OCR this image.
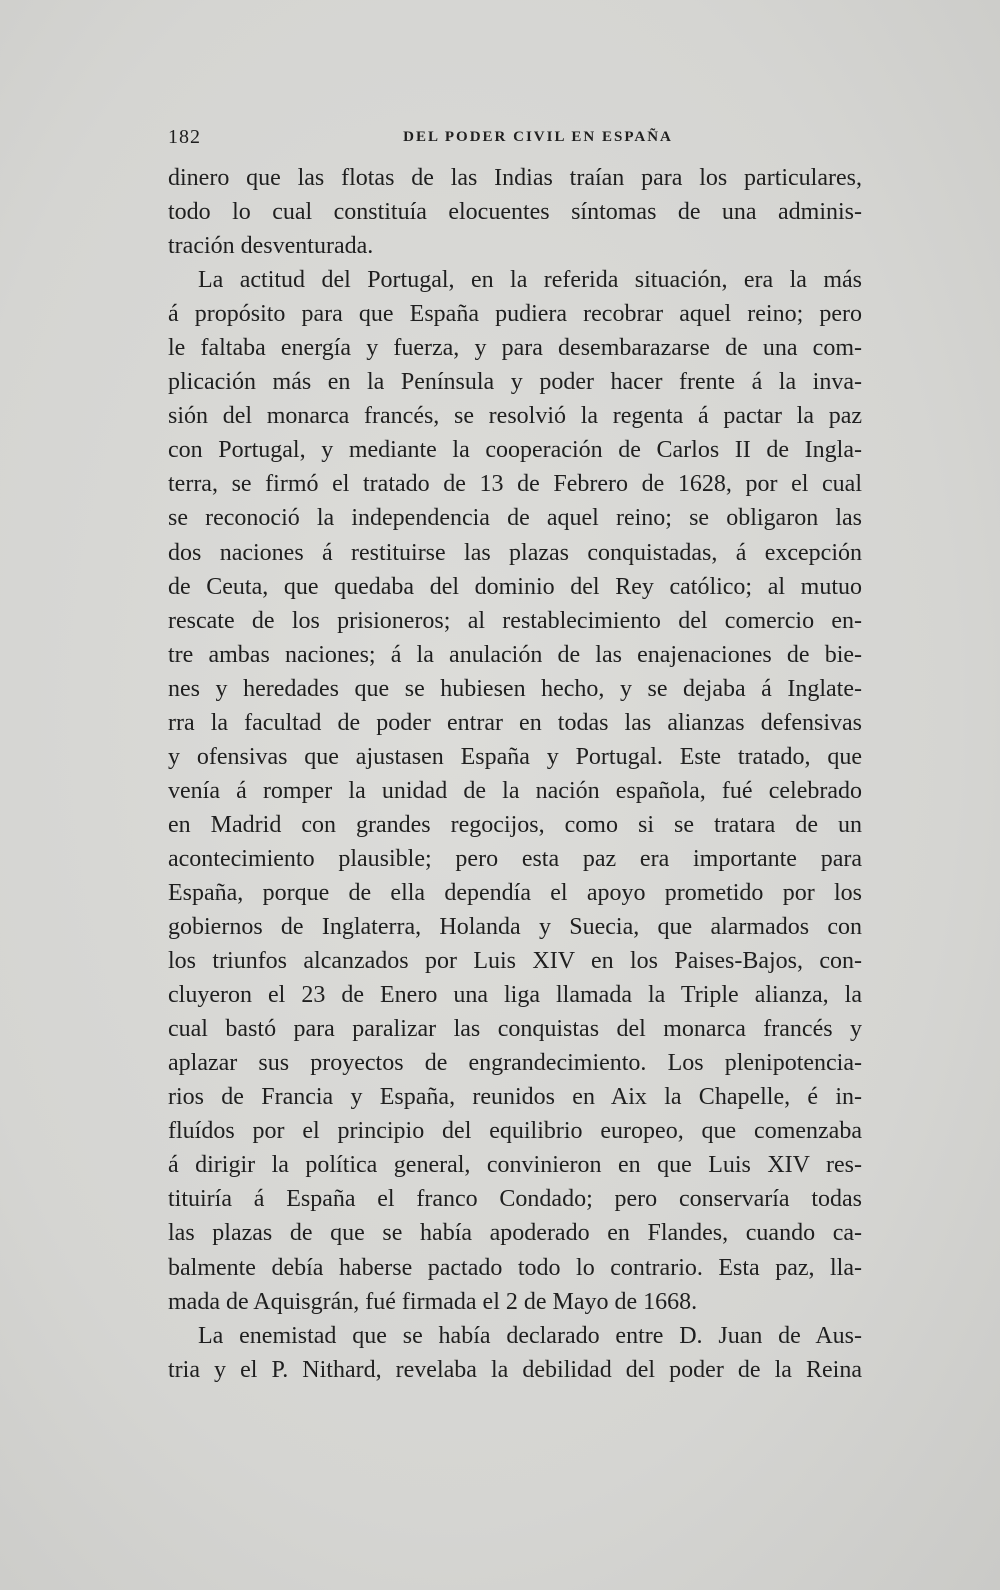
182	DEL PODER CIVIL EN ESPAÑA
dinero que las flotas de las Indias traían para los particulares,
todo lo cual constituía elocuentes síntomas de una adminis-
tración desventurada.
La actitud del Portugal, en la referida situación, era la más
á propósito para que España pudiera recobrar aquel reino; pero
le faltaba energía y fuerza, y para desembarazarse de una com-
plicación más en la Península y poder hacer frente á la inva-
sión del monarca francés, se resolvió la regenta á pactar la paz
con Portugal, y mediante la cooperación de Carlos II de Ingla-
terra, se firmó el tratado de 13 de Febrero de 1628, por el cual
se reconoció la independencia de aquel reino; se obligaron las
dos naciones á restituirse las plazas conquistadas, á excepción
de Ceuta, que quedaba del dominio del Rey católico; al mutuo
rescate de los prisioneros; al restablecimiento del comercio en-
tre ambas naciones; á la anulación de las enajenaciones de bie-
nes y heredades que se hubiesen hecho, y se dejaba á Inglate-
rra la facultad de poder entrar en todas las alianzas defensivas
y ofensivas que ajustasen España y Portugal. Este tratado, que
venía á romper la unidad de la nación española, fué celebrado
en Madrid con grandes regocijos, como si se tratara de un
acontecimiento plausible; pero esta paz era importante para
España, porque de ella dependía el apoyo prometido por los
gobiernos de Inglaterra, Holanda y Suecia, que alarmados con
los triunfos alcanzados por Luis XIV en los Paises-Bajos, con-
cluyeron el 23 de Enero una liga llamada la Triple alianza, la
cual bastó para paralizar las conquistas del monarca francés y
aplazar sus proyectos de engrandecimiento. Los plenipotencia-
rios de Francia y España, reunidos en Aix la Chapelle, é in-
fluídos por el principio del equilibrio europeo, que comenzaba
á dirigir la política general, convinieron en que Luis XIV res-
tituiría á España el franco Condado; pero conservaría todas
las plazas de que se había apoderado en Flandes, cuando ca-
balmente debía haberse pactado todo lo contrario. Esta paz, lla-
mada de Aquisgrán, fué firmada el 2 de Mayo de 1668.
La enemistad que se había declarado entre D. Juan de Aus-
tria y el P. Nithard, revelaba la debilidad del poder de la Reina
